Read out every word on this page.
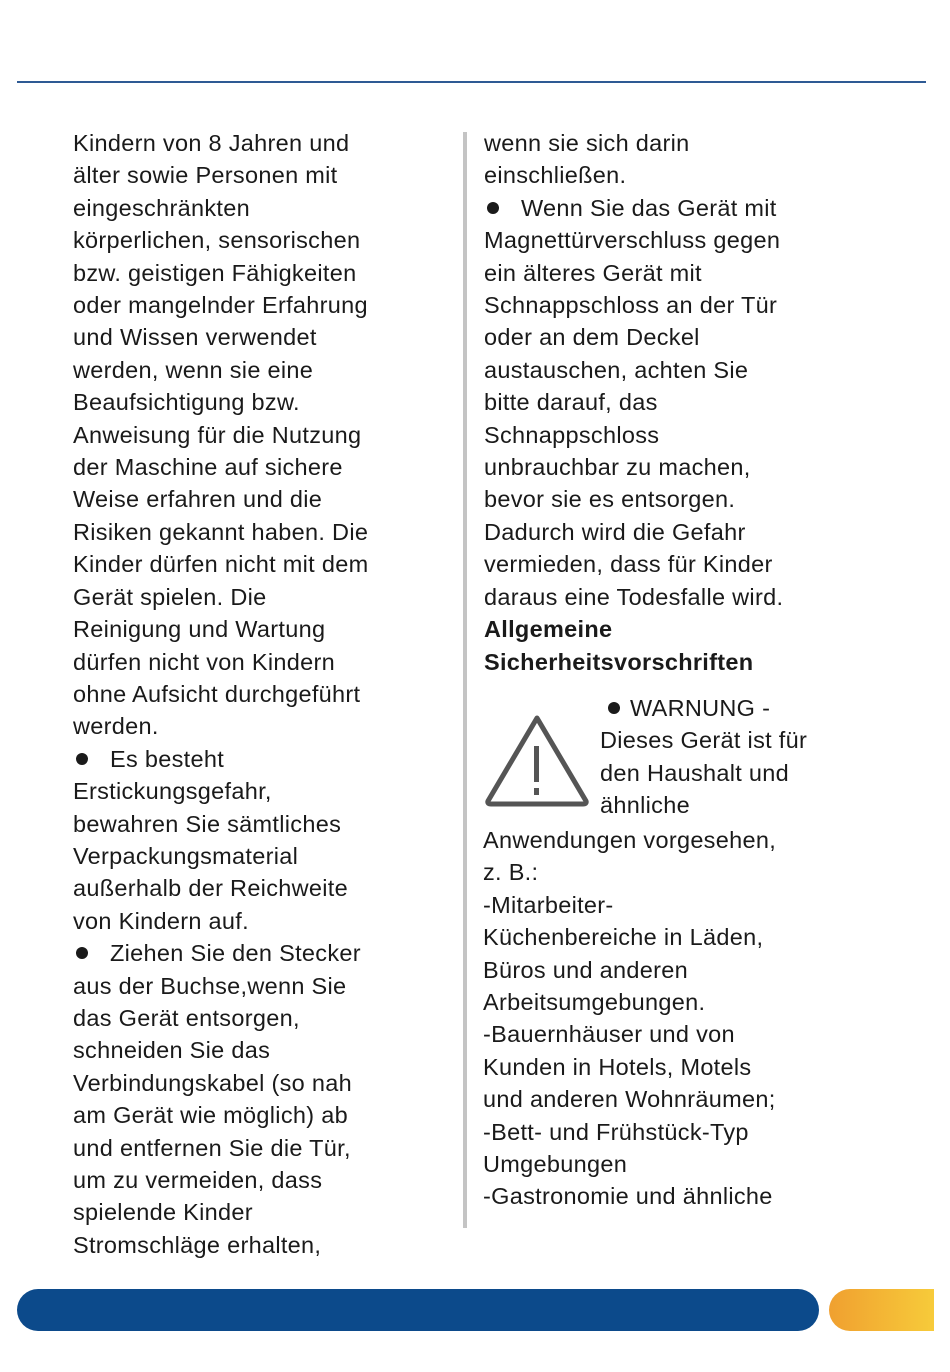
Kindern von 8 Jahren und
älter sowie Personen mit
eingeschränkten
körperlichen, sensorischen
bzw. geistigen Fähigkeiten
oder mangelnder Erfahrung
und Wissen verwendet
werden, wenn sie eine
Beaufsichtigung bzw.
Anweisung für die Nutzung
der Maschine auf sichere
Weise erfahren und die
Risiken gekannt haben. Die
Kinder dürfen nicht mit dem
Gerät spielen. Die
Reinigung und Wartung
dürfen nicht von Kindern
ohne Aufsicht durchgeführt
werden.
Es besteht
Erstickungsgefahr,
bewahren Sie sämtliches
Verpackungsmaterial
außerhalb der Reichweite
von Kindern auf.
Ziehen Sie den Stecker
aus der Buchse,wenn Sie
das Gerät entsorgen,
schneiden Sie das
Verbindungskabel (so nah
am Gerät wie möglich) ab
und entfernen Sie die Tür,
um zu vermeiden, dass
spielende Kinder
Stromschläge erhalten,
wenn sie sich darin
einschließen.
Wenn Sie das Gerät mit
Magnettürverschluss gegen
ein älteres Gerät mit
Schnappschloss an der Tür
oder an dem Deckel
austauschen, achten Sie
bitte darauf, das
Schnappschloss
unbrauchbar zu machen,
bevor sie es entsorgen.
Dadurch wird die Gefahr
vermieden, dass für Kinder
daraus eine Todesfalle wird.
Allgemeine
Sicherheitsvorschriften
WARNUNG -
Dieses Gerät ist für
den Haushalt und
ähnliche
Anwendungen vorgesehen,
z. B.:
-Mitarbeiter-
Küchenbereiche in Läden,
Büros und anderen
Arbeitsumgebungen.
-Bauernhäuser und von
Kunden in Hotels, Motels
und anderen Wohnräumen;
-Bett- und Frühstück-Typ
Umgebungen
-Gastronomie und ähnliche
